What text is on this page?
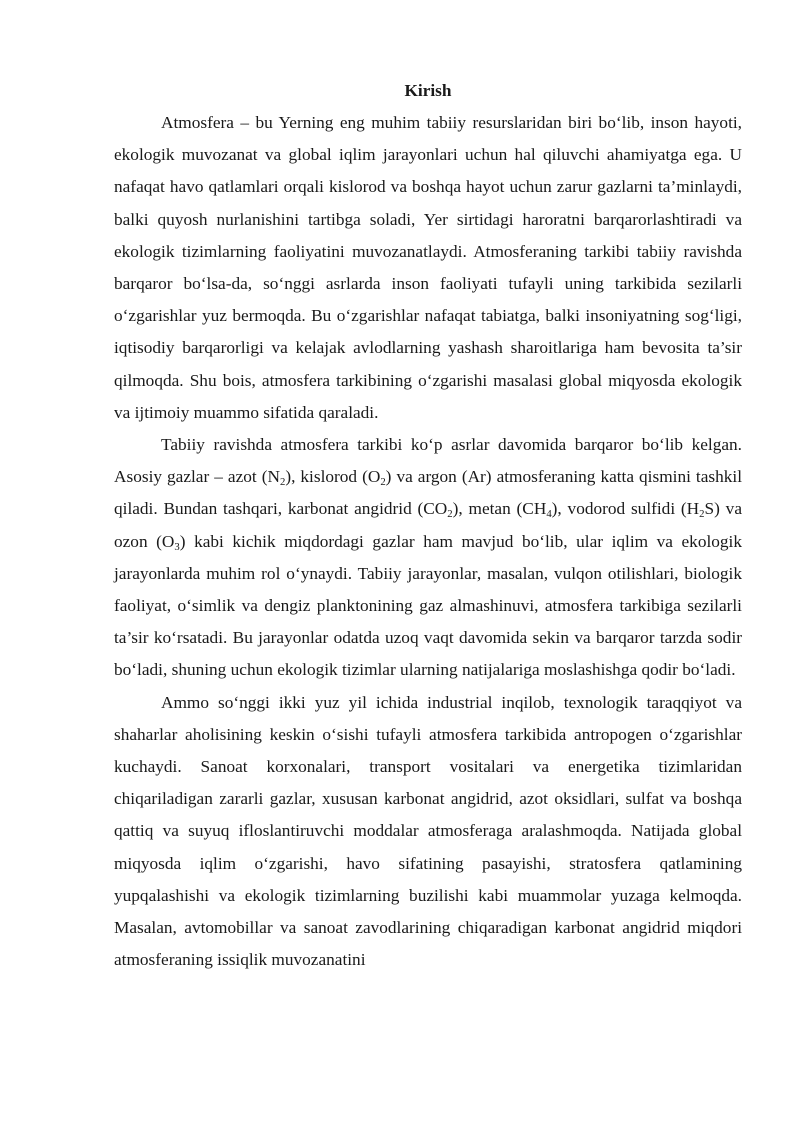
Kirish

Atmosfera – bu Yerning eng muhim tabiiy resurslaridan biri bo‘lib, inson hayoti, ekologik muvozanat va global iqlim jarayonlari uchun hal qiluvchi ahamiyatga ega. U nafaqat havo qatlamlari orqali kislorod va boshqa hayot uchun zarur gazlarni ta’minlaydi, balki quyosh nurlanishini tartibga soladi, Yer sirtidagi haroratni barqarorlashtiradi va ekologik tizimlarning faoliyatini muvozanatlaydi. Atmosferaning tarkibi tabiiy ravishda barqaror bo‘lsa-da, so‘nggi asrlarda inson faoliyati tufayli uning tarkibida sezilarli o‘zgarishlar yuz bermoqda. Bu o‘zgarishlar nafaqat tabiatga, balki insoniyatning sog‘ligi, iqtisodiy barqarorligi va kelajak avlodlarning yashash sharoitlariga ham bevosita ta’sir qilmoqda. Shu bois, atmosfera tarkibining o‘zgarishi masalasi global miqyosda ekologik va ijtimoiy muammo sifatida qaraladi.

Tabiiy ravishda atmosfera tarkibi ko‘p asrlar davomida barqaror bo‘lib kelgan. Asosiy gazlar – azot $(N_2)$, kislorod $(O_2)$ va argon (Ar) atmosferaning katta qismini tashkil qiladi. Bundan tashqari, karbonat angidrid $(CO_2)$, metan $(CH_4)$, vodorod sulfidi $(H_2S)$ va ozon $(O_3)$ kabi kichik miqdordagi gazlar ham mavjud bo‘lib, ular iqlim va ekologik jarayonlarda muhim rol o‘ynaydi. Tabiiy jarayonlar, masalan, vulqon otilishlari, biologik faoliyat, o‘simlik va dengiz planktonining gaz almashinuvi, atmosfera tarkibiga sezilarli ta’sir ko‘rsatadi. Bu jarayonlar odatda uzoq vaqt davomida sekin va barqaror tarzda sodir bo‘ladi, shuning uchun ekologik tizimlar ularning natijalariga moslashishga qodir bo‘ladi.

Ammo so‘nggi ikki yuz yil ichida industrial inqilob, texnologik taraqqiyot va shaharlar aholisining keskin o‘sishi tufayli atmosfera tarkibida antropogen o‘zgarishlar kuchaydi. Sanoat korxonalari, transport vositalari va energetika tizimlaridan chiqariladigan zararli gazlar, xususan karbonat angidrid, azot oksidlari, sulfat va boshqa qattiq va suyuq ifloslantiruvchi moddalar atmosferaga aralashmoqda. Natijada global miqyosda iqlim o‘zgarishi, havo sifatining pasayishi, stratosfera qatlamining yupqalashishi va ekologik tizimlarning buzilishi kabi muammolar yuzaga kelmoqda. Masalan, avtomobillar va sanoat zavodlarining chiqaradigan karbonat angidrid miqdori atmosferaning issiqlik muvozanatini
